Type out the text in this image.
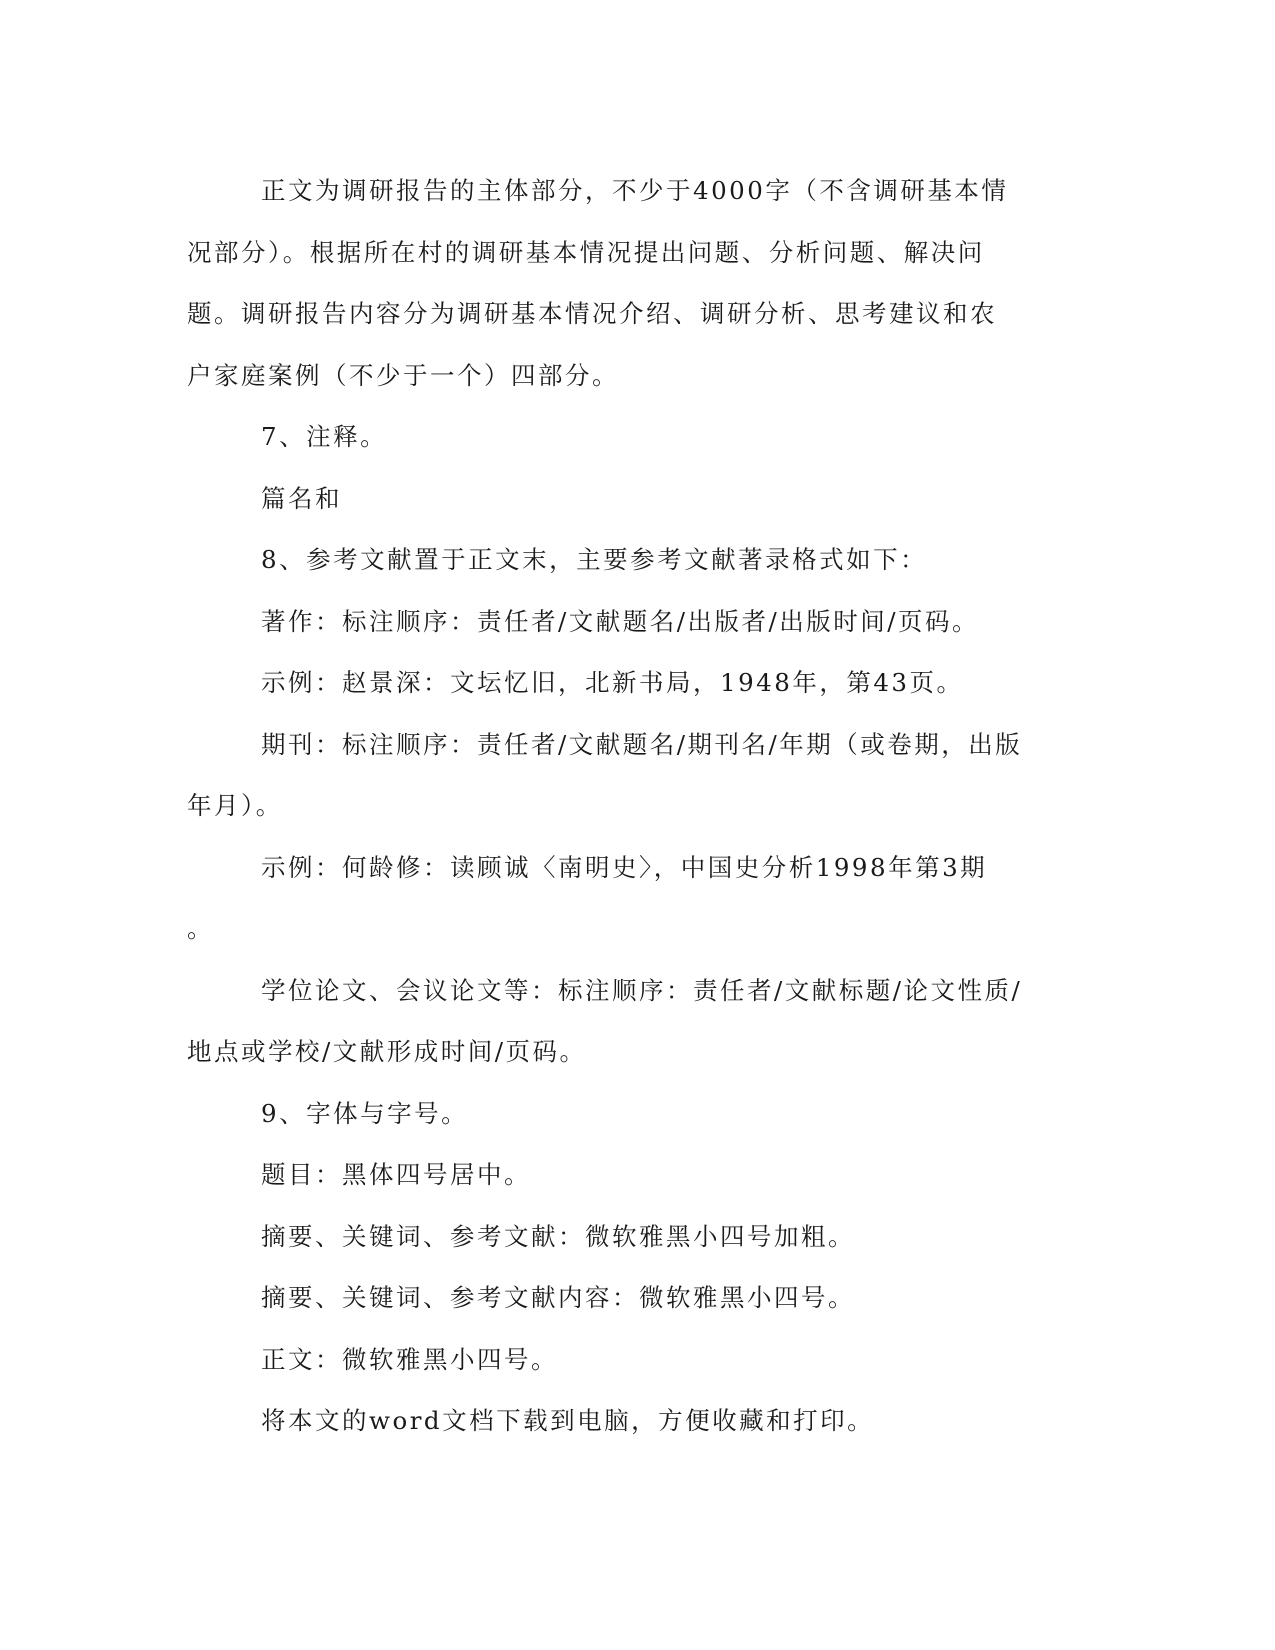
正文为调研报告的主体部分，不少于4000字（不含调研基本情
况部分）。根据所在村的调研基本情况提出问题、分析问题、解决问
题。调研报告内容分为调研基本情况介绍、调研分析、思考建议和农
户家庭案例（不少于一个）四部分。

7、注释。

篇名和

8、参考文献置于正文末，主要参考文献著录格式如下：

著作：标注顺序：责任者/文献题名/出版者/出版时间/页码。

示例：赵景深：文坛忆旧，北新书局，1948年，第43页。

期刊：标注顺序：责任者/文献题名/期刊名/年期（或卷期，出版
年月）。

示例：何龄修：读顾诚〈南明史〉，中国史分析1998年第3期
。

学位论文、会议论文等：标注顺序：责任者/文献标题/论文性质/
地点或学校/文献形成时间/页码。

9、字体与字号。

题目：黑体四号居中。

摘要、关键词、参考文献：微软雅黑小四号加粗。

摘要、关键词、参考文献内容：微软雅黑小四号。

正文：微软雅黑小四号。

将本文的word文档下载到电脑，方便收藏和打印。
